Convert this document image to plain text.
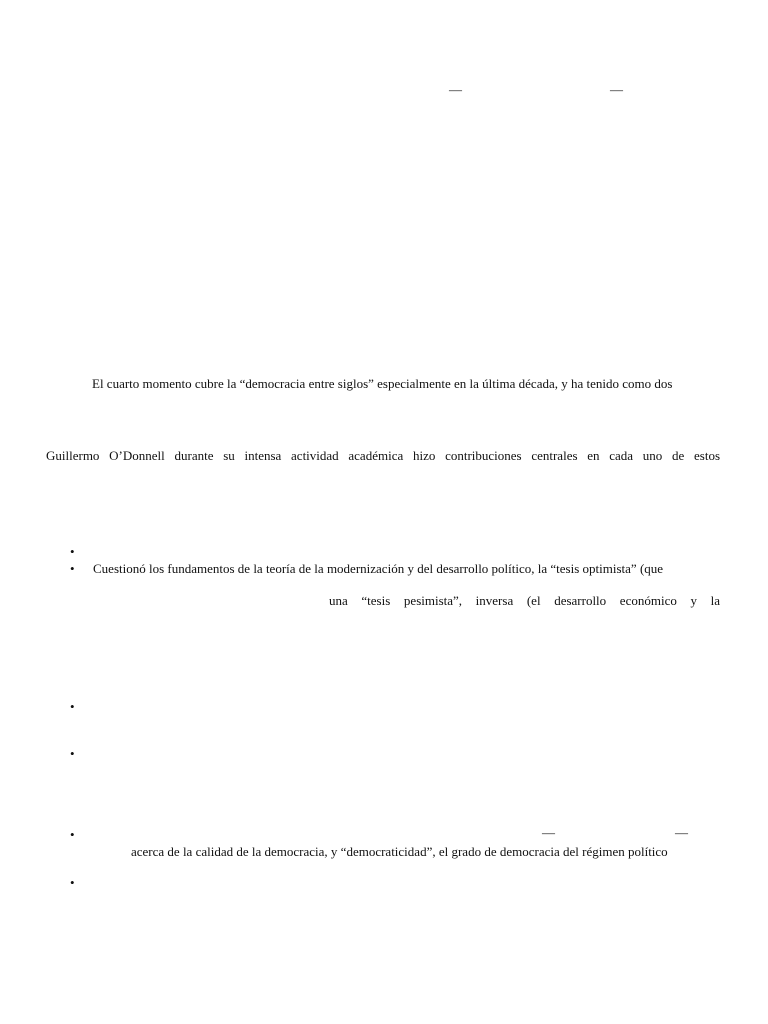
—	—
El cuarto momento cubre la “democracia entre siglos” especialmente en la última década, y ha tenido como dos
Guillermo O’Donnell durante su intensa actividad académica hizo contribuciones centrales en cada uno de estos
•
• Cuestionó los fundamentos de la teoría de la modernización y del desarrollo político, la “tesis optimista” (que
una “tesis pesimista”, inversa (el desarrollo económico y la
•
•
•	—	—
acerca de la calidad de la democracia, y “democraticidad”, el grado de democracia del régimen político
•
